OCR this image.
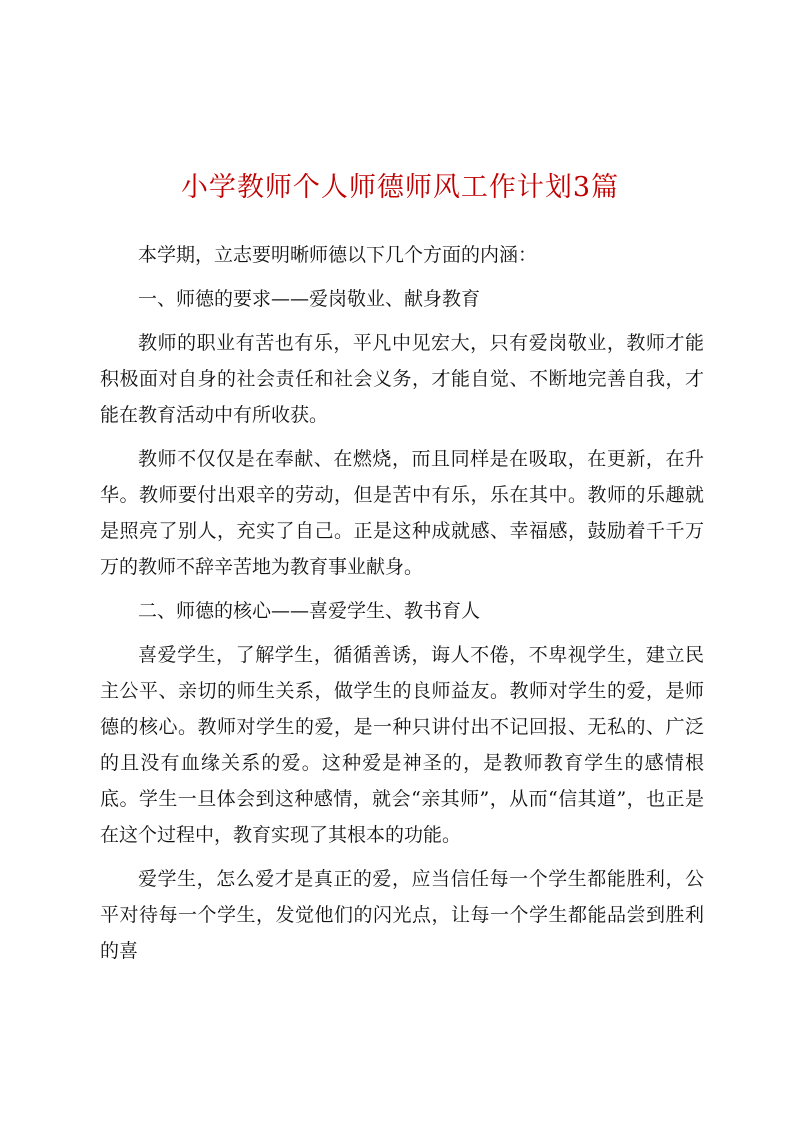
小学教师个人师德师风工作计划3篇

本学期，立志要明晰师德以下几个方面的内涵：

一、师德的要求——爱岗敬业、献身教育

教师的职业有苦也有乐，平凡中见宏大，只有爱岗敬业，教师才能积极面对自身的社会责任和社会义务，才能自觉、不断地完善自我，才能在教育活动中有所收获。

教师不仅仅是在奉献、在燃烧，而且同样是在吸取，在更新，在升华。教师要付出艰辛的劳动，但是苦中有乐，乐在其中。教师的乐趣就是照亮了别人，充实了自己。正是这种成就感、幸福感，鼓励着千千万万的教师不辞辛苦地为教育事业献身。

二、师德的核心——喜爱学生、教书育人

喜爱学生，了解学生，循循善诱，诲人不倦，不卑视学生，建立民主公平、亲切的师生关系，做学生的良师益友。教师对学生的爱，是师德的核心。教师对学生的爱，是一种只讲付出不记回报、无私的、广泛的且没有血缘关系的爱。这种爱是神圣的，是教师教育学生的感情根底。学生一旦体会到这种感情，就会“亲其师”，从而“信其道”，也正是在这个过程中，教育实现了其根本的功能。

爱学生，怎么爱才是真正的爱，应当信任每一个学生都能胜利，公平对待每一个学生，发觉他们的闪光点，让每一个学生都能品尝到胜利的喜
